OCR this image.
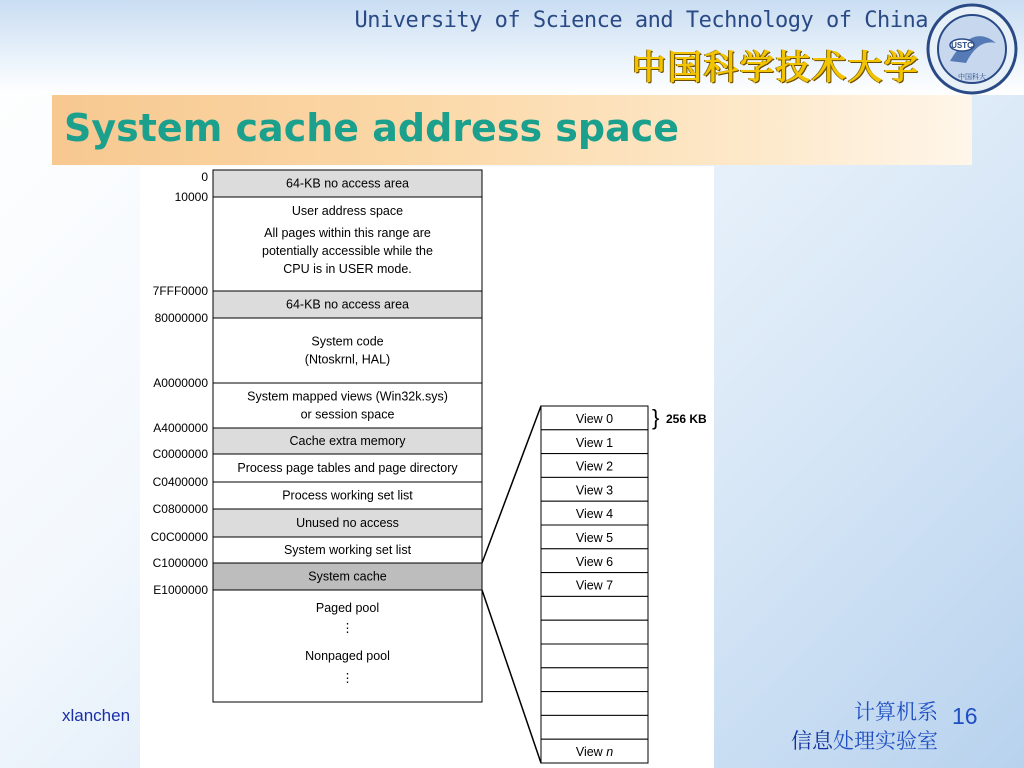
University of Science and Technology of China
中国科学技术大学
USTC
中国科大
System cache address space
0	64-KB no access area
10000
User address space
All pages within this range are
potentially accessible while the
CPU is in USER mode.
7FFF0000
64-KB no access area
80000000
System code
(Ntoskrnl, HAL)
A0000000
System mapped views (Win32k.sys)
or session space
A4000000
Cache extra memory
C0000000
Process page tables and page directory
C0400000
Process working set list
C0800000
Unused no access
C0C00000
System working set list
C1000000
System cache
E1000000
Paged pool
⋮
Nonpaged pool
⋮
View 0
View 1
View 2
View 3
View 4
View 5
View 6
View 7
View n
} 256 KB
xlanchen	计算机系
信息处理实验室
16
